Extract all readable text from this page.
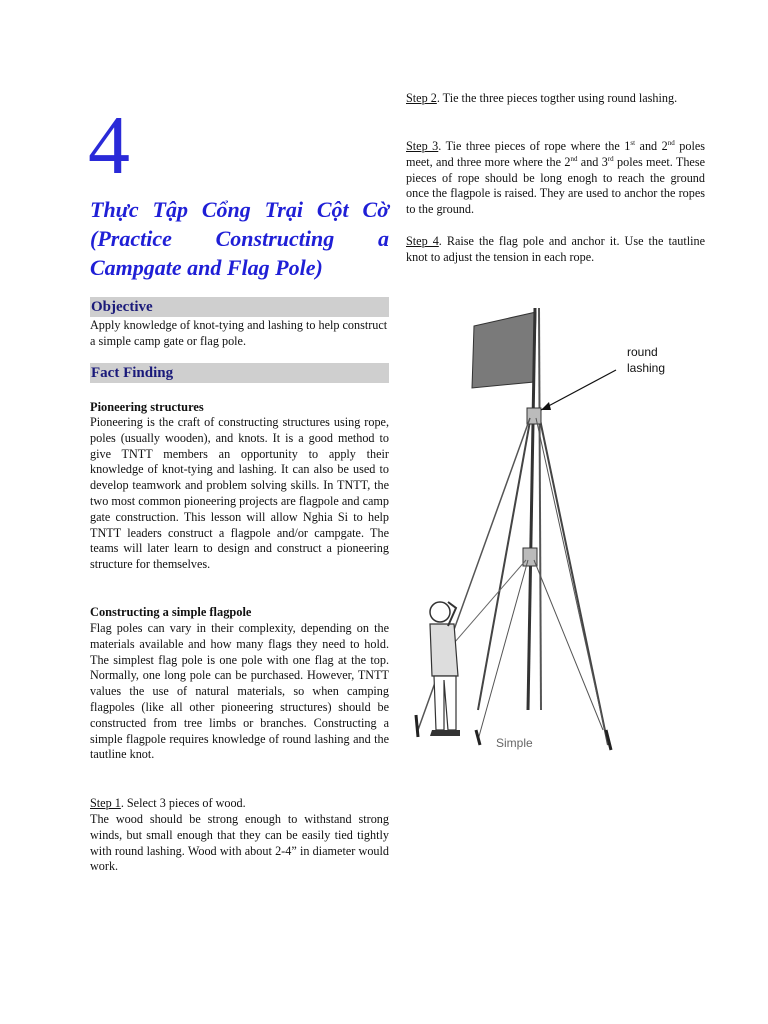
4
Thực Tập Cổng Trại Cột Cờ (Practice Constructing a Campgate and Flag Pole)
Objective
Apply knowledge of knot-tying and lashing to help construct a simple camp gate or flag pole.
Fact Finding
Pioneering structures
Pioneering is the craft of constructing structures using rope, poles (usually wooden), and knots. It is a good method to give TNTT members an opportunity to apply their knowledge of knot-tying and lashing. It can also be used to develop teamwork and problem solving skills. In TNTT, the two most common pioneering projects are flagpole and camp gate construction. This lesson will allow Nghia Si to help TNTT leaders construct a flagpole and/or campgate. The teams will later learn to design and construct a pioneering structure for themselves.
Constructing a simple flagpole
Flag poles can vary in their complexity, depending on the materials available and how many flags they need to hold. The simplest flag pole is one pole with one flag at the top. Normally, one long pole can be purchased. However, TNTT values the use of natural materials, so when camping flagpoles (like all other pioneering structures) should be constructed from tree limbs or branches. Constructing a simple flagpole requires knowledge of round lashing and the tautline knot.
Step 1. Select 3 pieces of wood.
The wood should be strong enough to withstand strong winds, but small enough that they can be easily tied tightly with round lashing. Wood with about 2-4” in diameter would work.
Step 2. Tie the three pieces togther using round lashing.
Step 3. Tie three pieces of rope where the 1st and 2nd poles meet, and three more where the 2nd and 3rd poles meet. These pieces of rope should be long enogh to reach the ground once the flagpole is raised. They are used to anchor the ropes to the ground.
Step 4. Raise the flag pole and anchor it. Use the tautline knot to adjust the tension in each rope.
Simple
round
lashing
